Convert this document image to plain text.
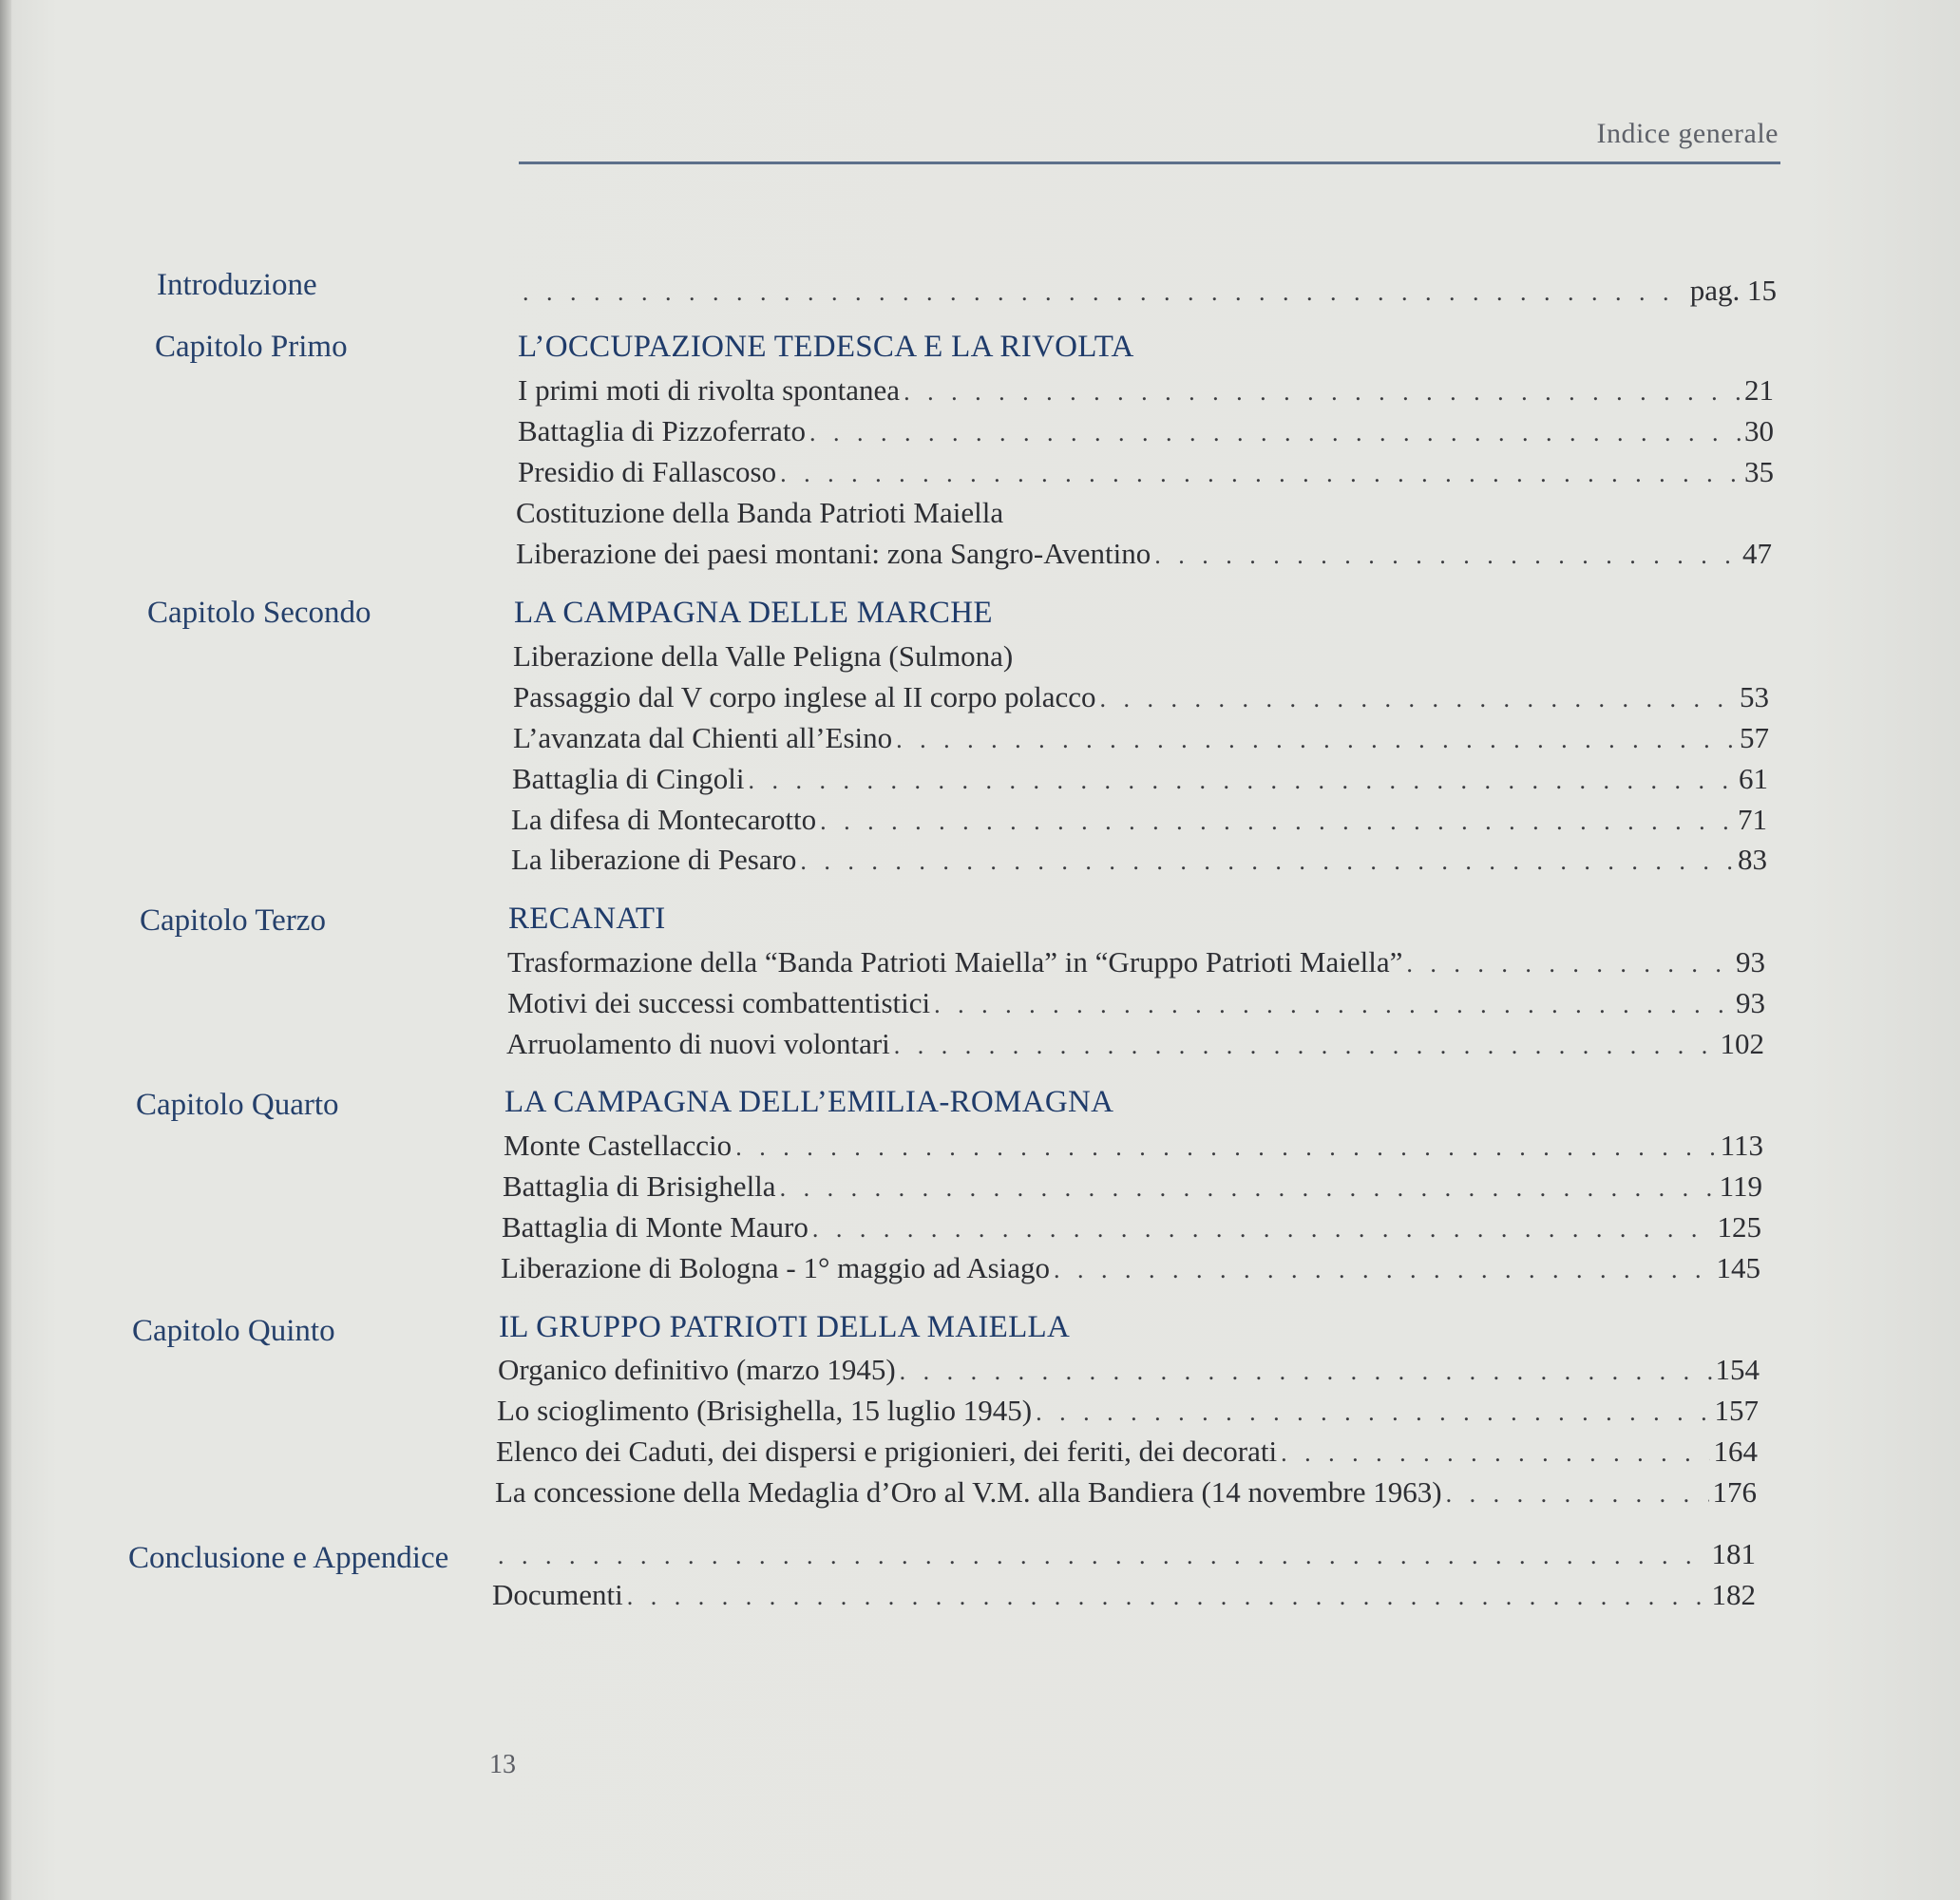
Indice generale
Introduzione . . .	pag. 15
Capitolo Primo	L’OCCUPAZIONE TEDESCA E LA RIVOLTA
I primi moti di rivolta spontanea . . .	21
Battaglia di Pizzoferrato . . .	30
Presidio di Fallascoso . . .	35
Costituzione della Banda Patrioti Maiella
Liberazione dei paesi montani: zona Sangro-Aventino . . .	47
Capitolo Secondo	LA CAMPAGNA DELLE MARCHE
Liberazione della Valle Peligna (Sulmona)
Passaggio dal V corpo inglese al II corpo polacco . . .	53
L’avanzata dal Chienti all’Esino . . .	57
Battaglia di Cingoli . . .	61
La difesa di Montecarotto . . .	71
La liberazione di Pesaro . . .	83
Capitolo Terzo	RECANATI
Trasformazione della “Banda Patrioti Maiella” in “Gruppo Patrioti Maiella” . . .	93
Motivi dei successi combattentistici . . .	93
Arruolamento di nuovi volontari . . .	102
Capitolo Quarto	LA CAMPAGNA DELL’EMILIA-ROMAGNA
Monte Castellaccio . . .	113
Battaglia di Brisighella . . .	119
Battaglia di Monte Mauro . . .	125
Liberazione di Bologna - 1° maggio ad Asiago . . .	145
Capitolo Quinto	IL GRUPPO PATRIOTI DELLA MAIELLA
Organico definitivo (marzo 1945) . . .	154
Lo scioglimento (Brisighella, 15 luglio 1945) . . .	157
Elenco dei Caduti, dei dispersi e prigionieri, dei feriti, dei decorati . . .	164
La concessione della Medaglia d’Oro al V.M. alla Bandiera (14 novembre 1963) . . .	176
Conclusione e Appendice . . .	181
Documenti . . .	182
13
